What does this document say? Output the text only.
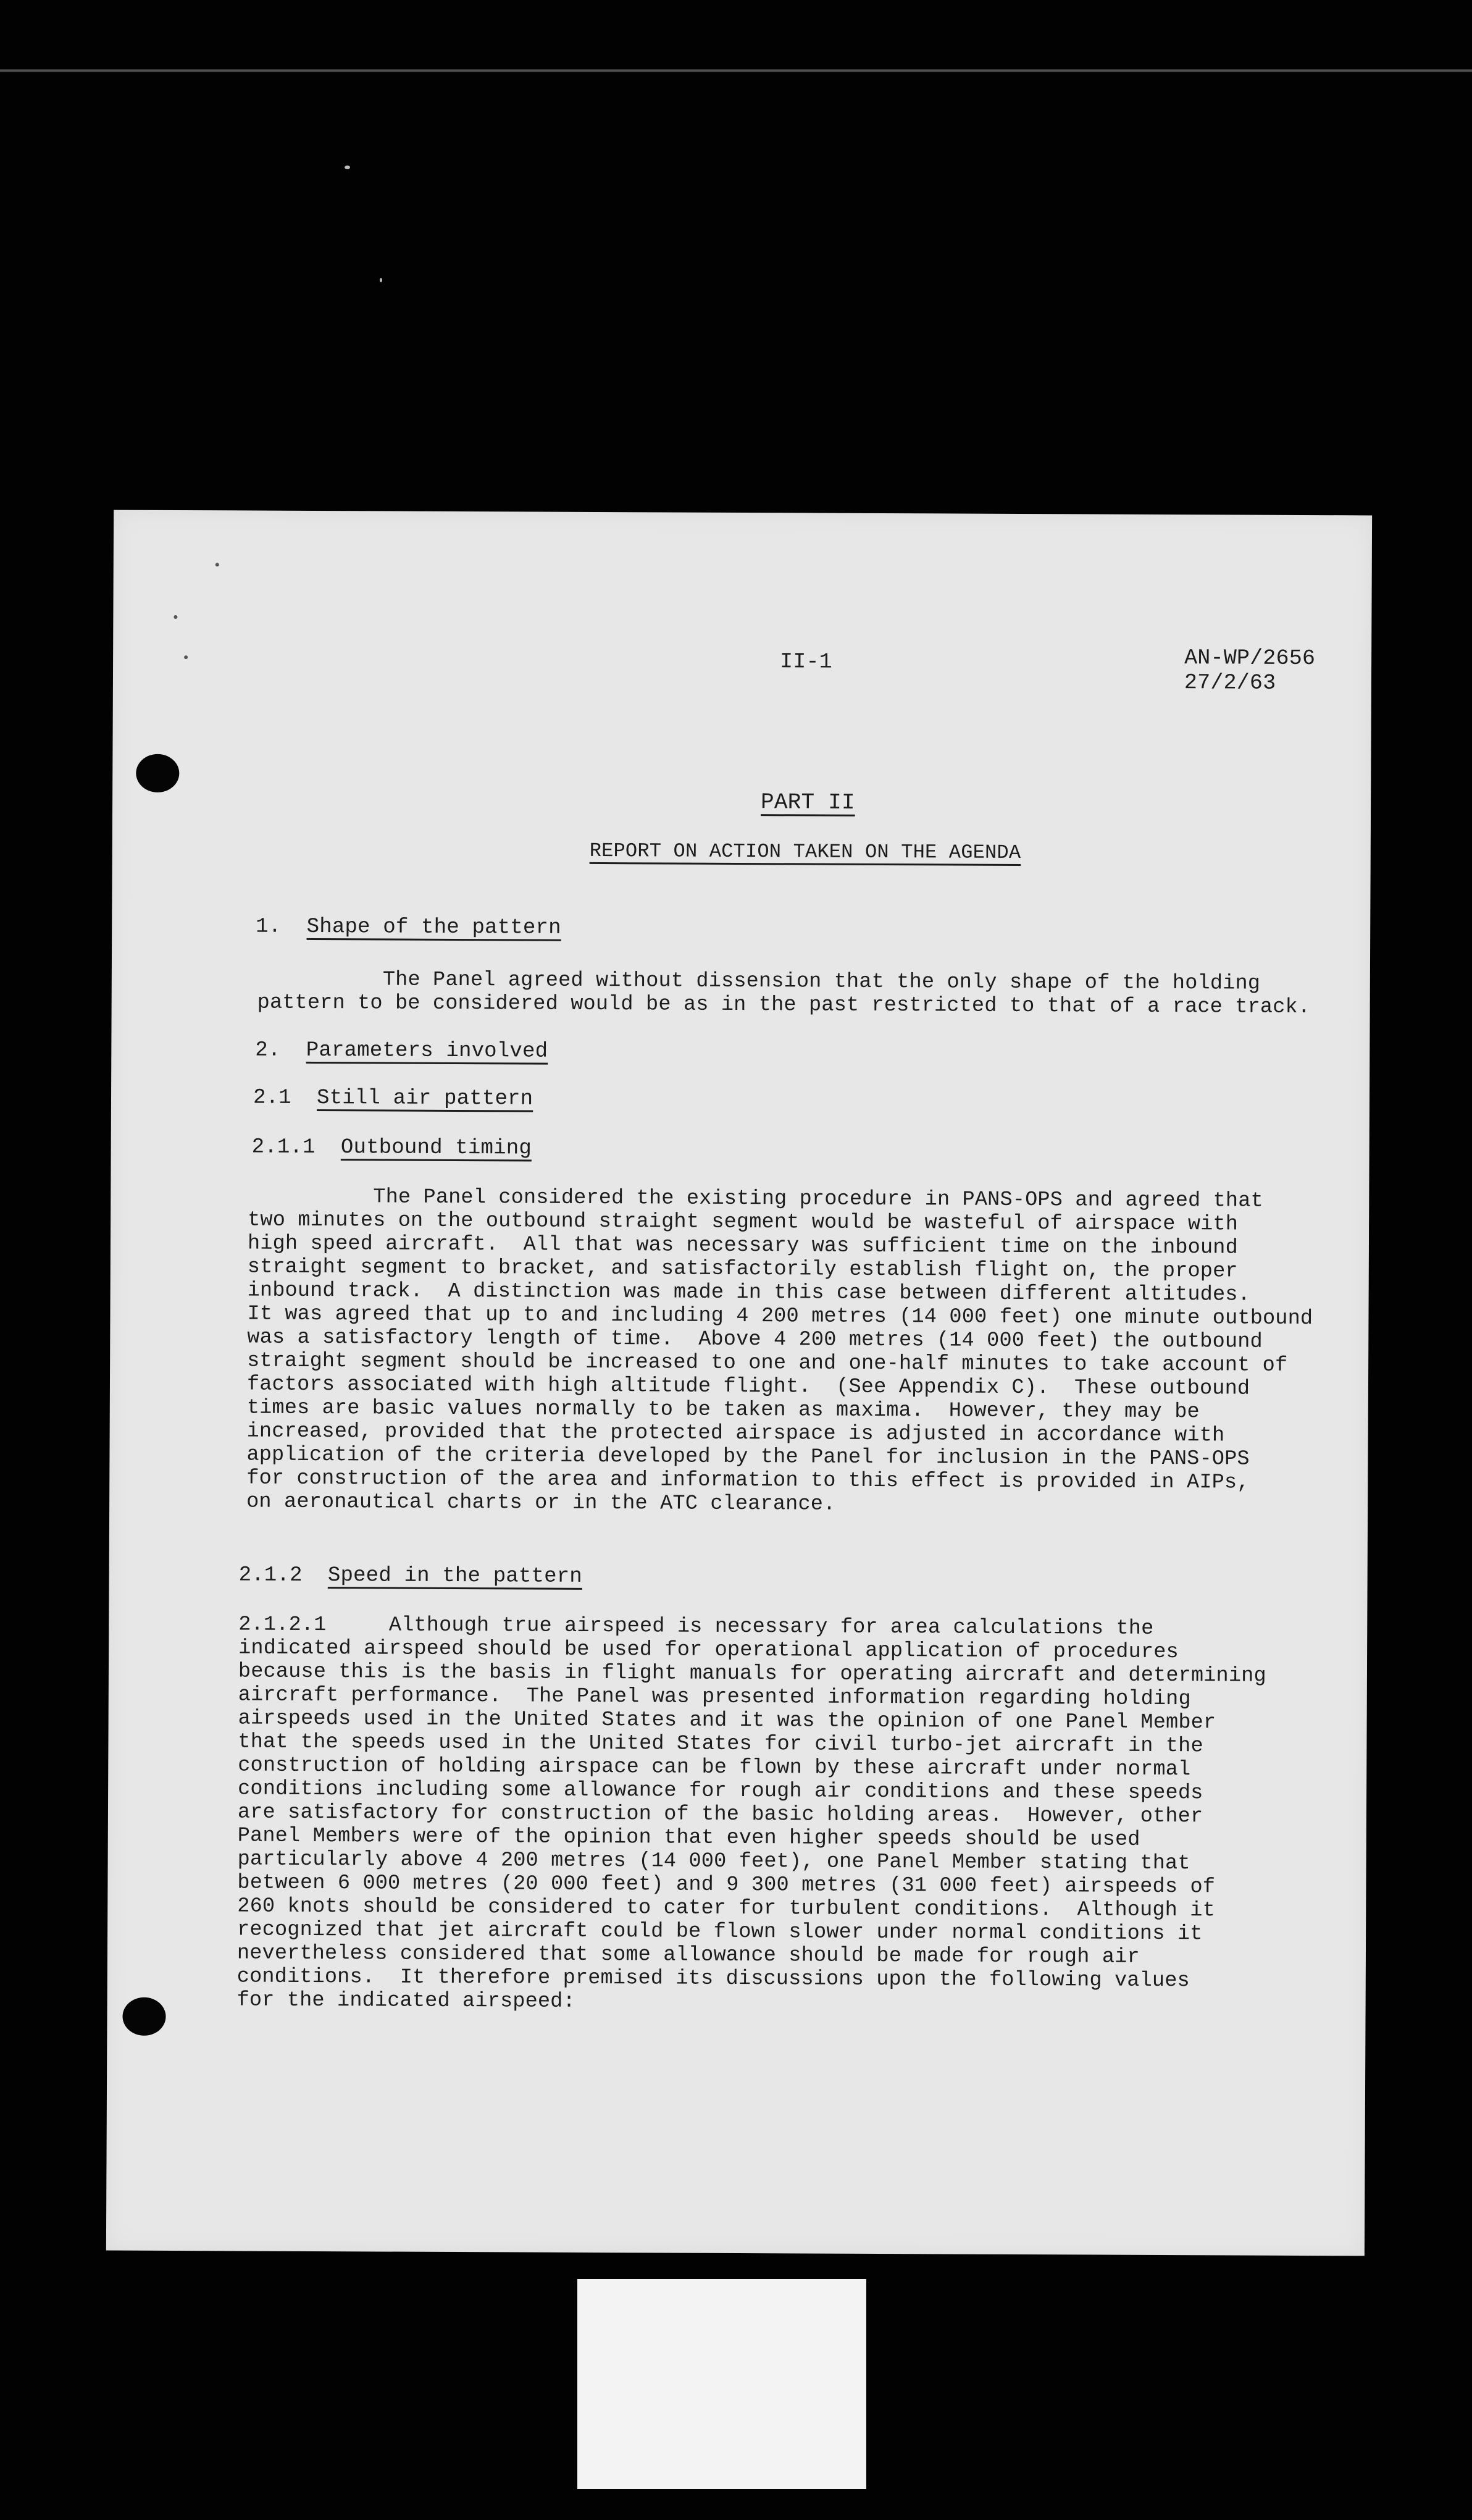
II-1	AN-WP/2656
27/2/63
PART II
REPORT ON ACTION TAKEN ON THE AGENDA
1. Shape of the pattern
The Panel agreed without dissension that the only shape of the holding
pattern to be considered would be as in the past restricted to that of a race track.
2. Parameters involved
2.1 Still air pattern
2.1.1 Outbound timing
The Panel considered the existing procedure in PANS-OPS and agreed that
two minutes on the outbound straight segment would be wasteful of airspace with
high speed aircraft.  All that was necessary was sufficient time on the inbound
straight segment to bracket, and satisfactorily establish flight on, the proper
inbound track.  A distinction was made in this case between different altitudes.
It was agreed that up to and including 4 200 metres (14 000 feet) one minute outbound
was a satisfactory length of time.  Above 4 200 metres (14 000 feet) the outbound
straight segment should be increased to one and one-half minutes to take account of
factors associated with high altitude flight.  (See Appendix C).  These outbound
times are basic values normally to be taken as maxima.  However, they may be
increased, provided that the protected airspace is adjusted in accordance with
application of the criteria developed by the Panel for inclusion in the PANS-OPS
for construction of the area and information to this effect is provided in AIPs,
on aeronautical charts or in the ATC clearance.
2.1.2 Speed in the pattern
2.1.2.1     Although true airspeed is necessary for area calculations the
indicated airspeed should be used for operational application of procedures
because this is the basis in flight manuals for operating aircraft and determining
aircraft performance.  The Panel was presented information regarding holding
airspeeds used in the United States and it was the opinion of one Panel Member
that the speeds used in the United States for civil turbo-jet aircraft in the
construction of holding airspace can be flown by these aircraft under normal
conditions including some allowance for rough air conditions and these speeds
are satisfactory for construction of the basic holding areas.  However, other
Panel Members were of the opinion that even higher speeds should be used
particularly above 4 200 metres (14 000 feet), one Panel Member stating that
between 6 000 metres (20 000 feet) and 9 300 metres (31 000 feet) airspeeds of
260 knots should be considered to cater for turbulent conditions.  Although it
recognized that jet aircraft could be flown slower under normal conditions it
nevertheless considered that some allowance should be made for rough air
conditions.  It therefore premised its discussions upon the following values
for the indicated airspeed:
